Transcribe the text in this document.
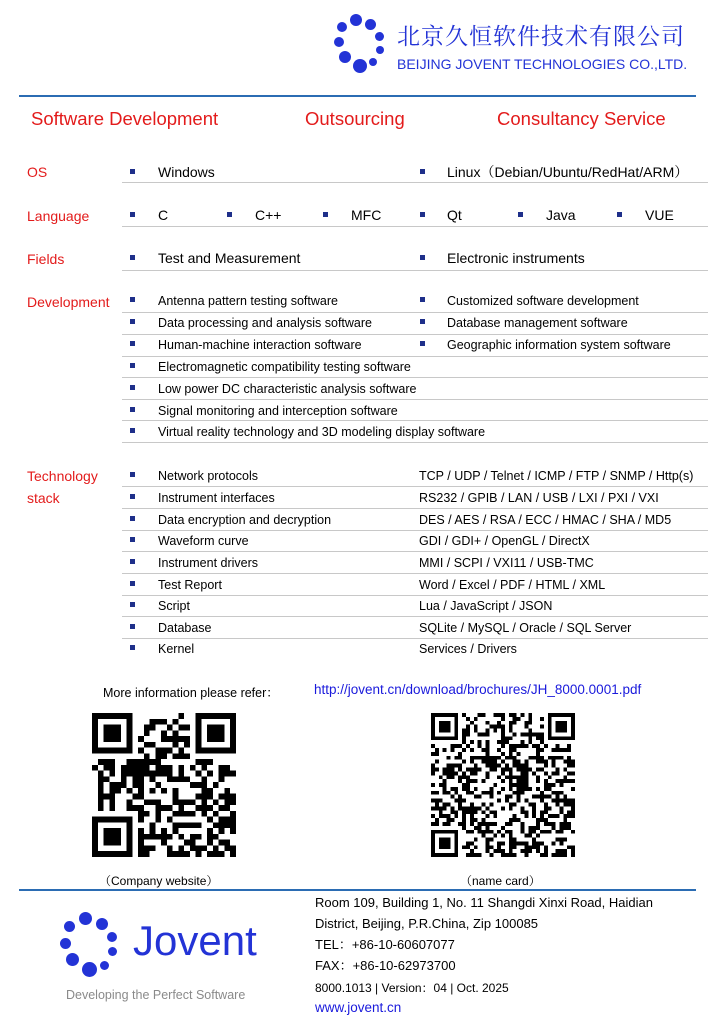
北京久恒软件技术有限公司
BEIJING JOVENT TECHNOLOGIES CO.,LTD.
Software Development	Outsourcing	Consultancy Service
OS	Windows	Linux（Debian/Ubuntu/RedHat/ARM）
Language	C	C++	MFC	Qt	Java	VUE
Fields	Test and Measurement	Electronic instruments
Development	Antenna pattern testing software	Customized software development
Data processing and analysis software	Database management software
Human-machine interaction software	Geographic information system software
Electromagnetic compatibility testing software
Low power DC characteristic analysis software
Signal monitoring and interception software
Virtual reality technology and 3D modeling display software
Technology
stack
Network protocols	TCP / UDP / Telnet / ICMP / FTP / SNMP / Http(s)
Instrument interfaces	RS232 / GPIB / LAN / USB / LXI / PXI / VXI
Data encryption and decryption	DES / AES / RSA / ECC / HMAC / SHA / MD5
Waveform curve	GDI / GDI+ / OpenGL / DirectX
Instrument drivers	MMI / SCPI / VXI11 / USB-TMC
Test Report	Word / Excel / PDF / HTML / XML
Script	Lua / JavaScript / JSON
Database	SQLite / MySQL / Oracle / SQL Server
Kernel	Services / Drivers
More information please refer：	http://jovent.cn/download/brochures/JH_8000.0001.pdf
（Company website）	（name card）
Jovent
Developing the Perfect Software
Room 109, Building 1, No. 11 Shangdi Xinxi Road, Haidian
District, Beijing, P.R.China, Zip 100085
TEL：+86-10-60607077
FAX：+86-10-62973700
8000.1013 | Version：04 | Oct. 2025
www.jovent.cn
